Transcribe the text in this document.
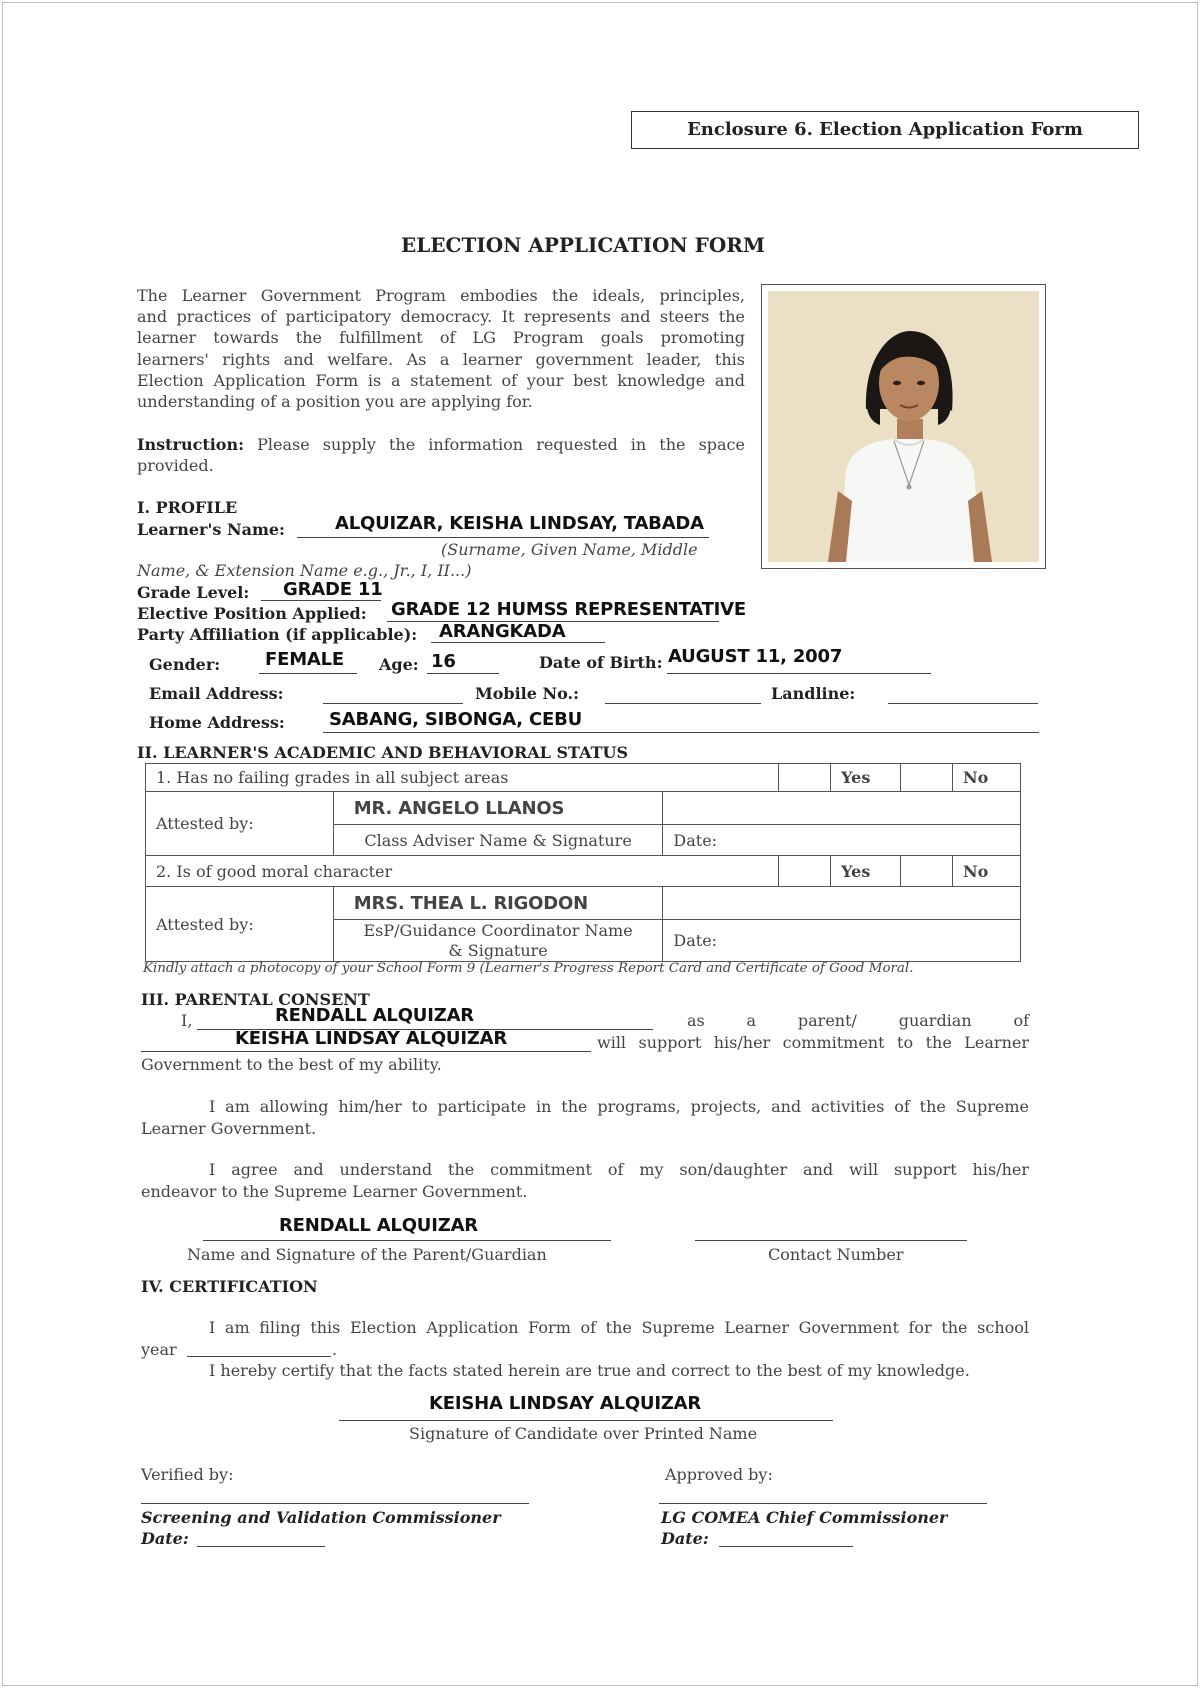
Enclosure 6. Election Application Form
ELECTION APPLICATION FORM
The Learner Government Program embodies the ideals, principles,
and practices of participatory democracy. It represents and steers the
learner towards the fulfillment of LG Program goals promoting
learners' rights and welfare. As a learner government leader, this
Election Application Form is a statement of your best knowledge and
understanding of a position you are applying for.
Instruction: Please supply the information requested in the space
provided.
I. PROFILE
Learner's Name:	ALQUIZAR, KEISHA LINDSAY, TABADA
(Surname, Given Name, Middle
Name, & Extension Name e.g., Jr., I, II...)
Grade Level: GRADE 11
Elective Position Applied: GRADE 12 HUMSS REPRESENTATIVE
Party Affiliation (if applicable): ARANGKADA
Gender: FEMALE Age: 16	Date of Birth: AUGUST 11, 2007
Email Address:	Mobile No.:	Landline:
Home Address: SABANG, SIBONGA, CEBU
II. LEARNER'S ACADEMIC AND BEHAVIORAL STATUS
1. Has no failing grades in all subject areas				Yes		No
Attested by:	MR. ANGELO LLANOS					
	Class Adviser Name & Signature	Date:				
2. Is of good moral character				Yes		No
Attested by:	MRS. THEA L. RIGODON					

	EsP/Guidance Coordinator Name
& Signature	Date:				
Kindly attach a photocopy of your School Form 9 (Learner's Progress Report Card and Certificate of Good Moral.
III. PARENTAL CONSENT
I,	RENDALL ALQUIZAR	as a parent/ guardian of
KEISHA LINDSAY ALQUIZAR	will support his/her commitment to the Learner
Government to the best of my ability.
I am allowing him/her to participate in the programs, projects, and activities of the Supreme
Learner Government.
I agree and understand the commitment of my son/daughter and will support his/her
endeavor to the Supreme Learner Government.
RENDALL ALQUIZAR
Name and Signature of the Parent/Guardian	Contact Number
IV. CERTIFICATION
I am filing this Election Application Form of the Supreme Learner Government for the school
year	.
I hereby certify that the facts stated herein are true and correct to the best of my knowledge.
KEISHA LINDSAY ALQUIZAR
Signature of Candidate over Printed Name
Verified by:	Approved by:
Screening and Validation Commissioner
Date:
LG COMEA Chief Commissioner
Date:
